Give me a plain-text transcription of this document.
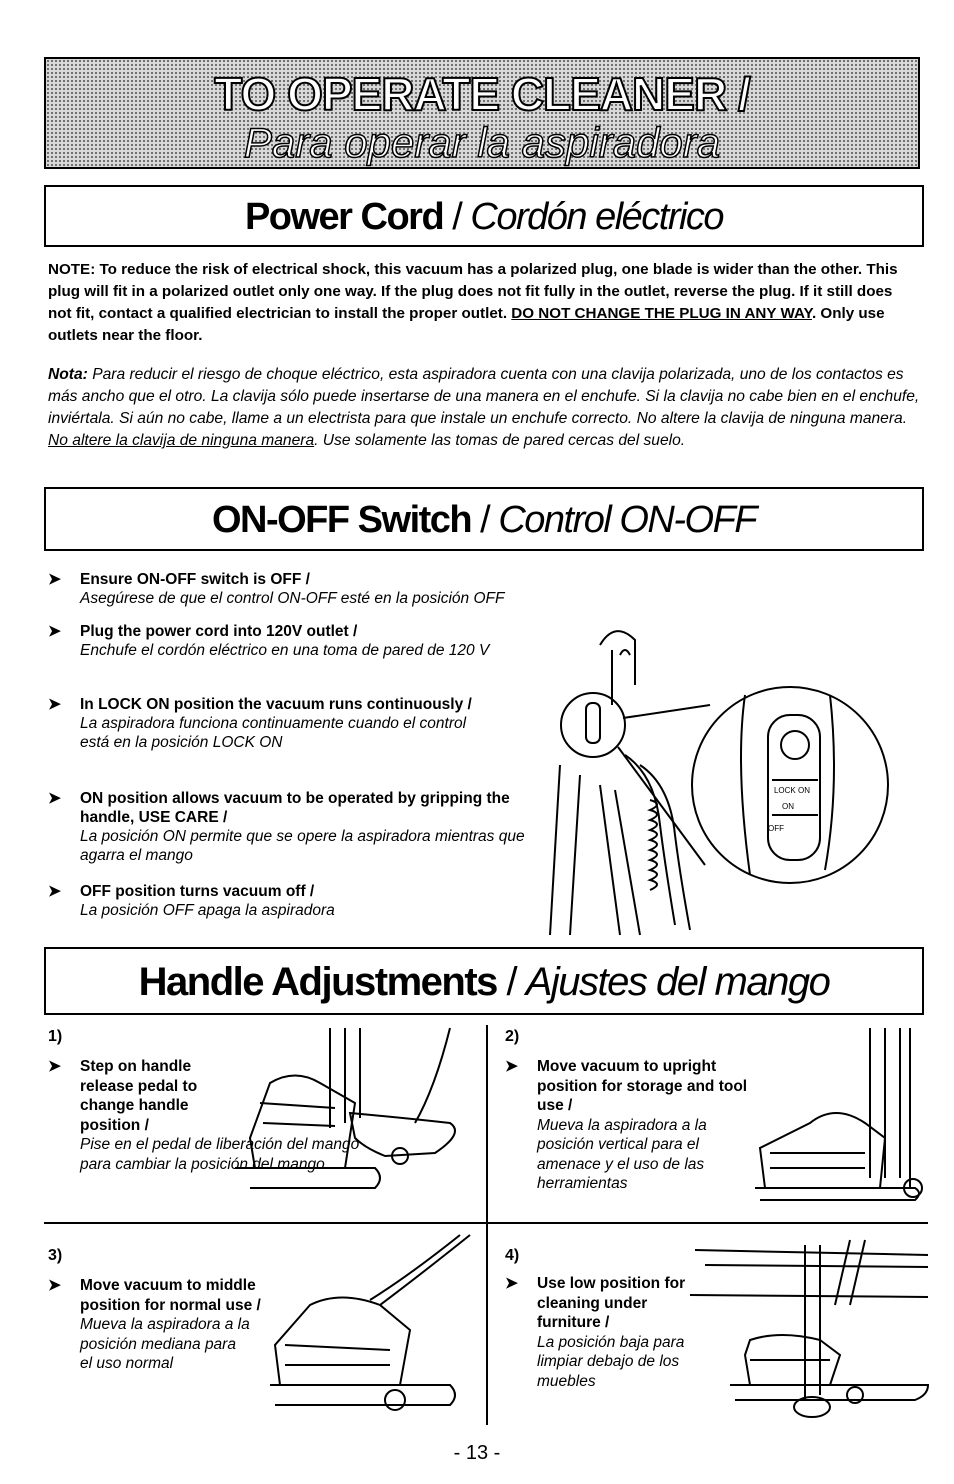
TO OPERATE CLEANER /
Para operar la aspiradora
Power Cord / Cordón eléctrico
NOTE: To reduce the risk of electrical shock, this vacuum has a polarized plug, one blade is wider than the other. This plug will fit in a polarized outlet only one way. If the plug does not fit fully in the outlet, reverse the plug. If it still does not fit, contact a qualified electrician to install the proper outlet. DO NOT CHANGE THE PLUG IN ANY WAY. Only use outlets near the floor.
Nota: Para reducir el riesgo de choque eléctrico, esta aspiradora cuenta con una clavija polarizada, uno de los contactos es más ancho que el otro. La clavija sólo puede insertarse de una manera en el enchufe. Si la clavija no cabe bien en el enchufe, inviértala. Si aún no cabe, llame a un electrista para que instale un enchufe correcto. No altere la clavija de ninguna manera. No altere la clavija de ninguna manera. Use solamente las tomas de pared cercas del suelo.
ON-OFF Switch / Control ON-OFF
➤ Ensure ON-OFF switch is OFF /
Asegúrese de que el control ON-OFF esté en la posición OFF
➤ Plug the power cord into 120V outlet /
Enchufe el cordón eléctrico en una toma de pared de 120 V
➤ In LOCK ON position the vacuum runs continuously /
La aspiradora funciona continuamente cuando el control está en la posición LOCK ON
➤ ON position allows vacuum to be operated by gripping the handle, USE CARE /
La posición ON permite que se opere la aspiradora mientras que agarra el mango
➤ OFF position turns vacuum off /
La posición OFF apaga la aspiradora
LOCK ON
ON
OFF
Handle Adjustments / Ajustes del mango
1)
➤ Step on handle release pedal to change handle position /
Pise en el pedal de liberación del mango para cambiar la posición del mango
2)
➤ Move vacuum to upright position for storage and tool use /
Mueva la aspiradora a la posición vertical para el amenace y el uso de las herramientas
3)
➤ Move vacuum to middle position for normal use /
Mueva la aspiradora a la posición mediana para el uso normal
4)
➤ Use low position for cleaning under furniture /
La posición baja para limpiar debajo de los muebles
- 13 -
